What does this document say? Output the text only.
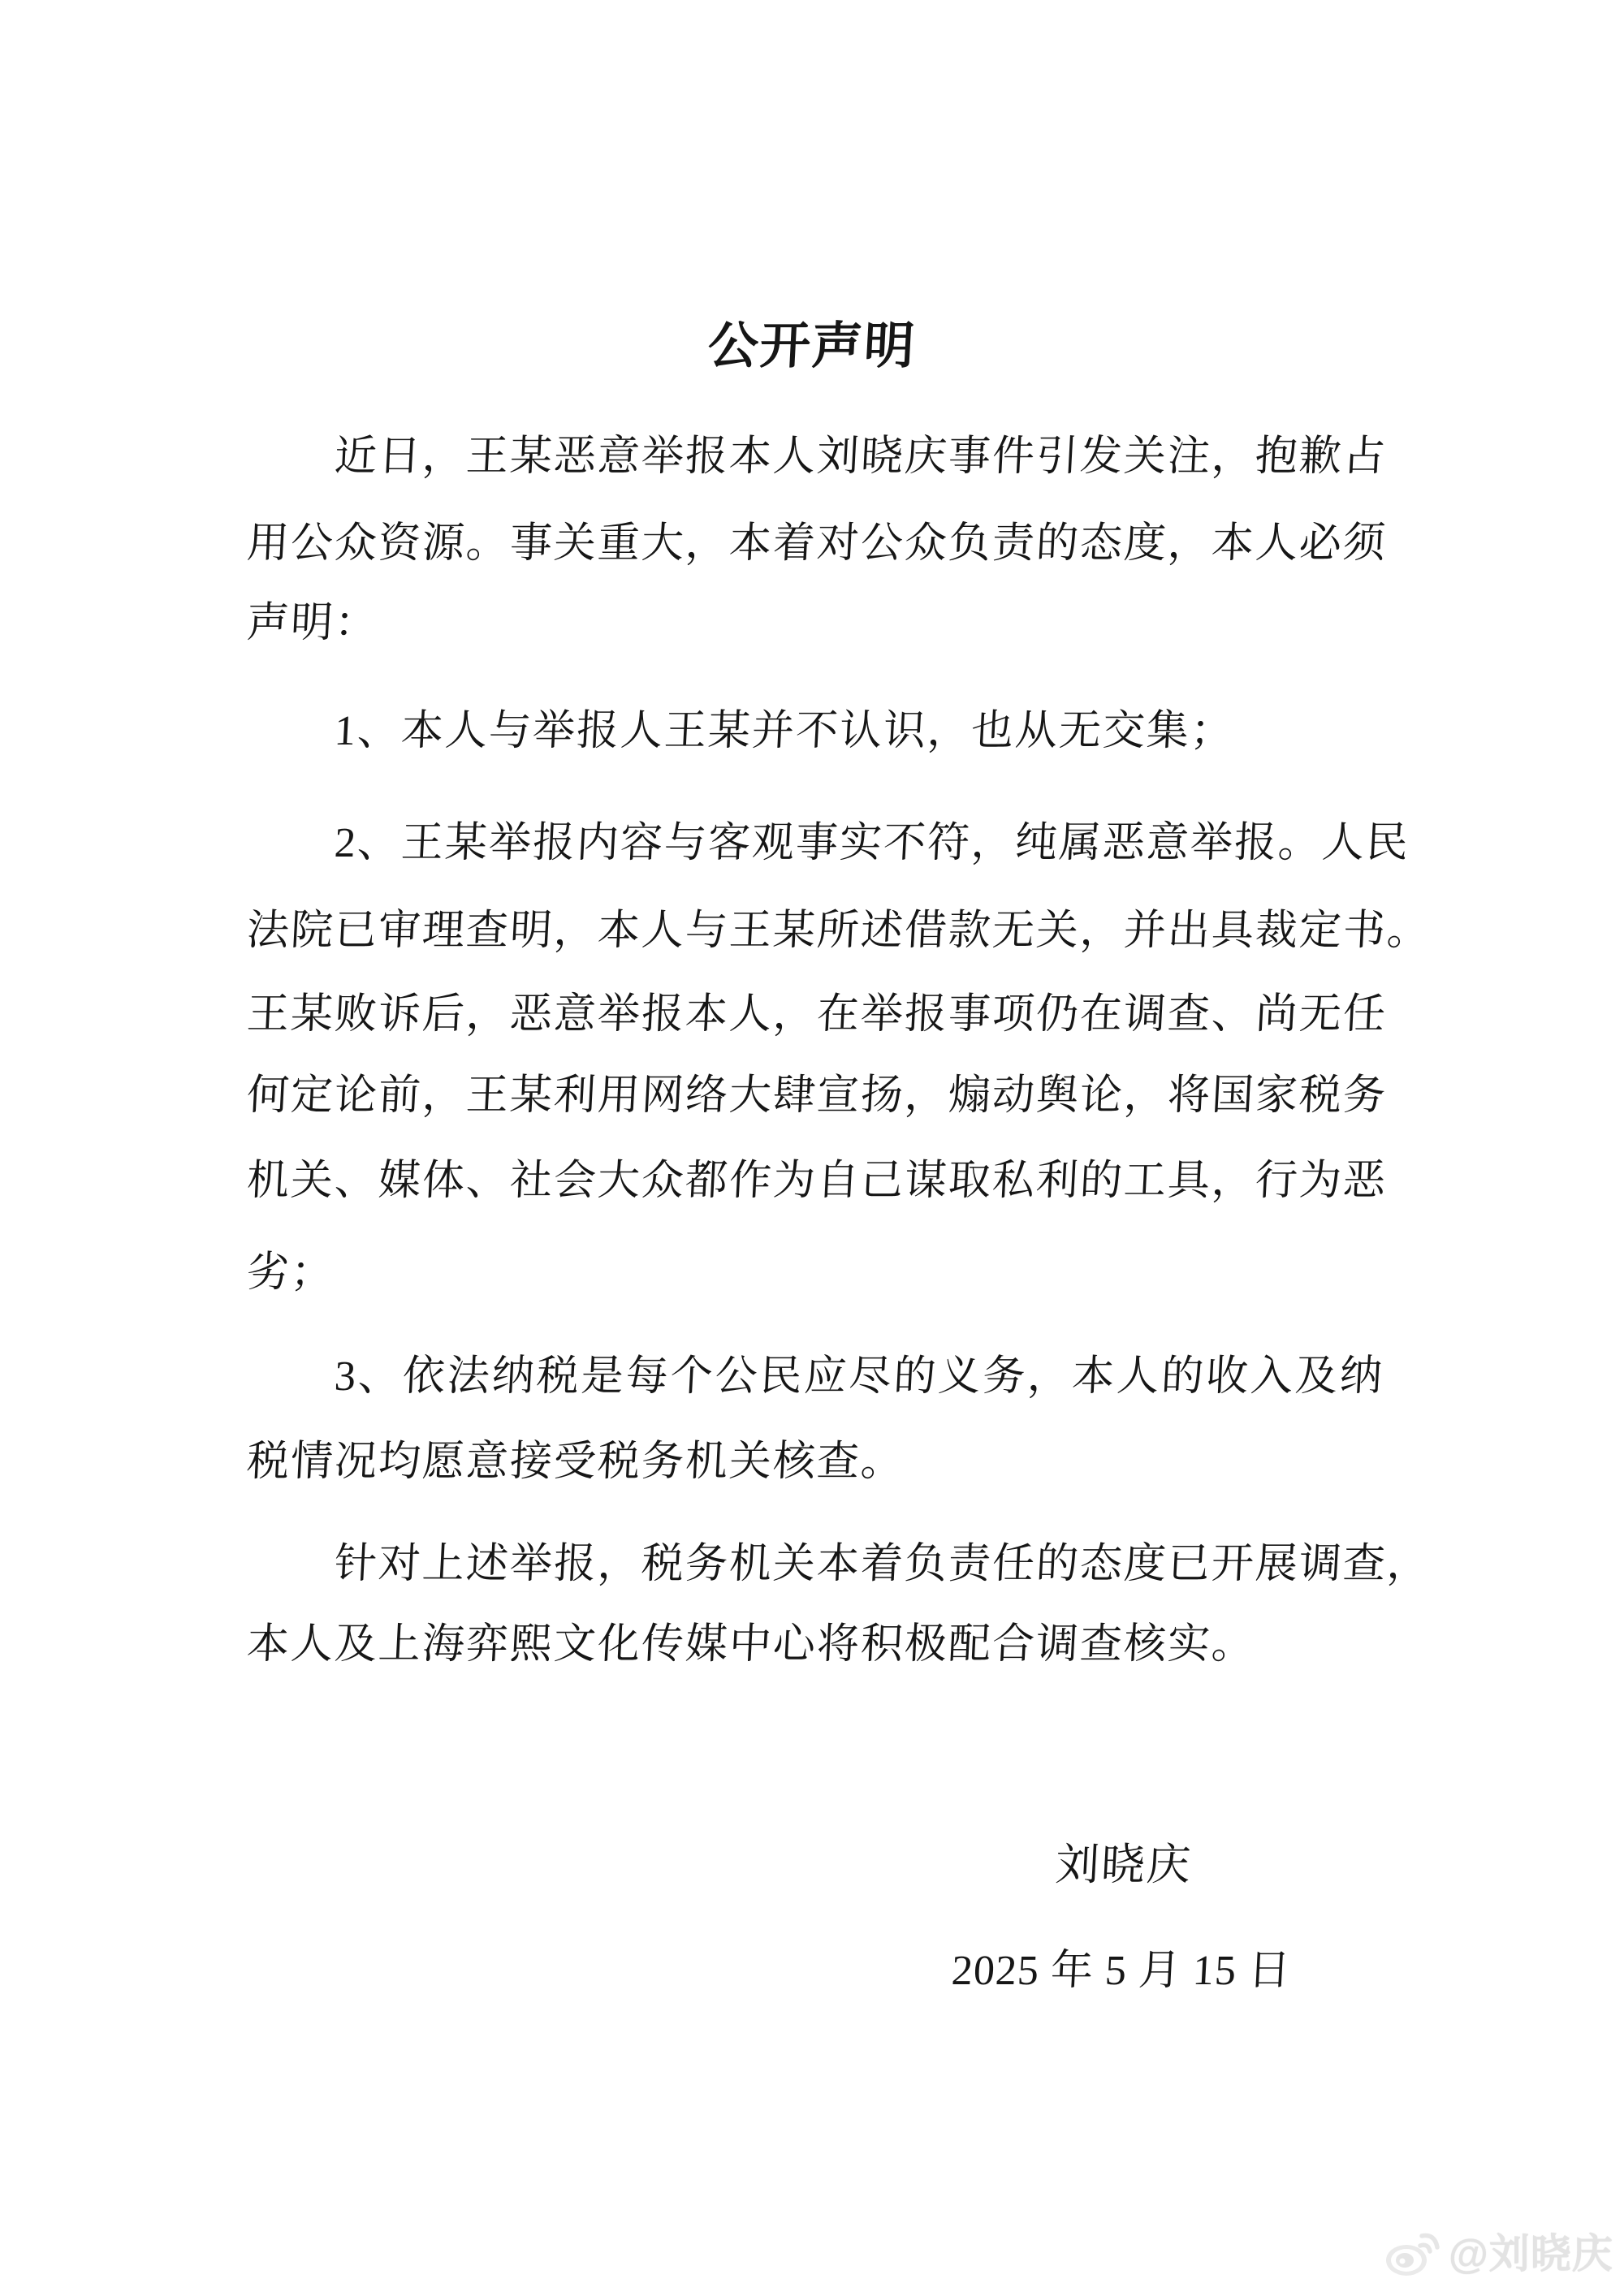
公开声明
近日，王某恶意举报本人刘晓庆事件引发关注，抱歉占
用公众资源。事关重大，本着对公众负责的态度，本人必须
声明：
1、本人与举报人王某并不认识，也从无交集；
2、王某举报内容与客观事实不符，纯属恶意举报。人民
法院已审理查明，本人与王某所述借款无关，并出具裁定书。
王某败诉后，恶意举报本人，在举报事项仍在调查、尚无任
何定论前，王某利用网络大肆宣扬，煽动舆论，将国家税务
机关、媒体、社会大众都作为自己谋取私利的工具，行为恶
劣；
3、依法纳税是每个公民应尽的义务，本人的收入及纳
税情况均愿意接受税务机关核查。
针对上述举报，税务机关本着负责任的态度已开展调查，
本人及上海弈熙文化传媒中心将积极配合调查核实。
刘晓庆
2025 年 5 月 15 日
@刘晓庆
